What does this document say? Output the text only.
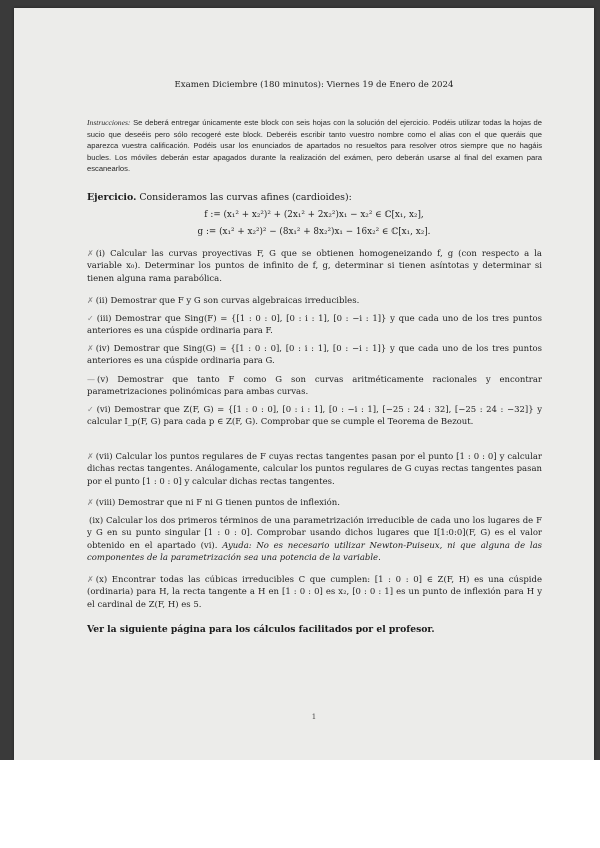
Examen Diciembre (180 minutos): Viernes 19 de Enero de 2024
Instrucciones: Se deberá entregar únicamente este block con seis hojas con la solución del ejercicio. Podéis utilizar todas la hojas de sucio que deseéis pero sólo recogeré este block. Deberéis escribir tanto vuestro nombre como el alias con el que queráis que aparezca vuestra calificación. Podéis usar los enunciados de apartados no resueltos para resolver otros siempre que no hagáis bucles. Los móviles deberán estar apagados durante la realización del exámen, pero deberán usarse al final del examen para escanearlos.
Ejercicio. Consideramos las curvas afines (cardioides):
f := (x₁² + x₂²)² + (2x₁² + 2x₂²)x₁ − x₂² ∈ ℂ[x₁, x₂],
g := (x₁² + x₂²)² − (8x₁² + 8x₂²)x₁ − 16x₂² ∈ ℂ[x₁, x₂].
✗ (i) Calcular las curvas proyectivas F, G que se obtienen homogeneizando f, g (con respecto a la variable x₀). Determinar los puntos de infinito de f, g, determinar si tienen asíntotas y determinar si tienen alguna rama parabólica.
✗ (ii) Demostrar que F y G son curvas algebraicas irreducibles.
✓ (iii) Demostrar que Sing(F) = {[1 : 0 : 0], [0 : i : 1], [0 : −i : 1]} y que cada uno de los tres puntos anteriores es una cúspide ordinaria para F.
✗ (iv) Demostrar que Sing(G) = {[1 : 0 : 0], [0 : i : 1], [0 : −i : 1]} y que cada uno de los tres puntos anteriores es una cúspide ordinaria para G.
— (v) Demostrar que tanto F como G son curvas aritméticamente racionales y encontrar parametrizaciones polinómicas para ambas curvas.
✓ (vi) Demostrar que Z(F, G) = {[1 : 0 : 0], [0 : i : 1], [0 : −i : 1], [−25 : 24 : 32], [−25 : 24 : −32]} y calcular I_p(F, G) para cada p ∈ Z(F, G). Comprobar que se cumple el Teorema de Bezout.
✗ (vii) Calcular los puntos regulares de F cuyas rectas tangentes pasan por el punto [1 : 0 : 0] y calcular dichas rectas tangentes. Análogamente, calcular los puntos regulares de G cuyas rectas tangentes pasan por el punto [1 : 0 : 0] y calcular dichas rectas tangentes.
✗ (viii) Demostrar que ni F ni G tienen puntos de inflexión.
(ix) Calcular los dos primeros términos de una parametrización irreducible de cada uno los lugares de F y G en su punto singular [1 : 0 : 0]. Comprobar usando dichos lugares que I[1:0:0](F, G) es el valor obtenido en el apartado (vi). Ayuda: No es necesario utilizar Newton-Puiseux, ni que alguna de las componentes de la parametrización sea una potencia de la variable.
✗ (x) Encontrar todas las cúbicas irreducibles C que cumplen: [1 : 0 : 0] ∈ Z(F, H) es una cúspide (ordinaria) para H, la recta tangente a H en [1 : 0 : 0] es x₂, [0 : 0 : 1] es un punto de inflexión para H y el cardinal de Z(F, H) es 5.
Ver la siguiente página para los cálculos facilitados por el profesor.
1
